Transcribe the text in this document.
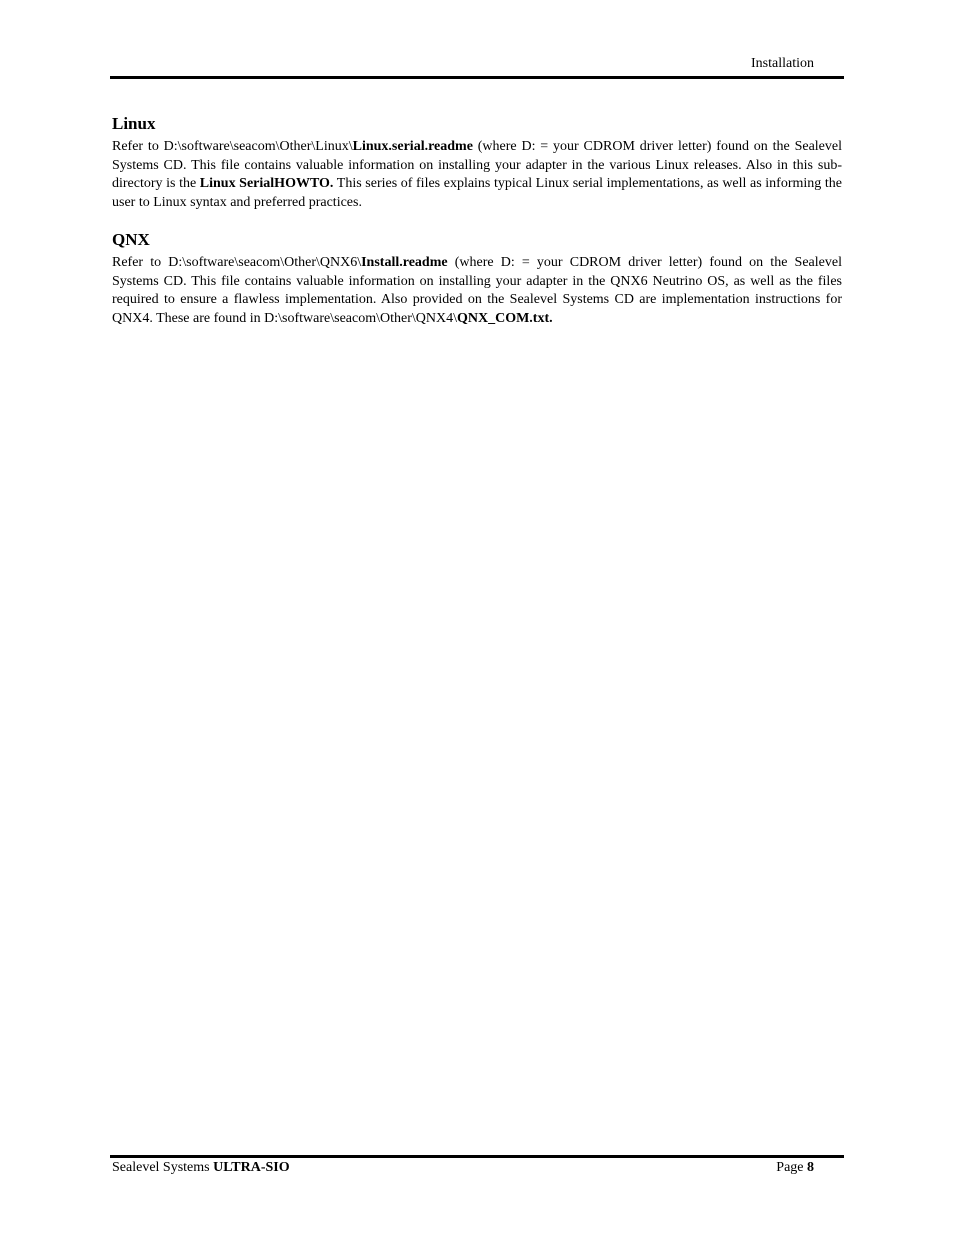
Installation
Linux

Refer to D:\software\seacom\Other\Linux\Linux.serial.readme (where D: = your CDROM driver letter) found on the Sealevel Systems CD. This file contains valuable information on installing your adapter in the various Linux releases. Also in this sub-directory is the Linux SerialHOWTO. This series of files explains typical Linux serial implementations, as well as informing the user to Linux syntax and preferred practices.

QNX

Refer to D:\software\seacom\Other\QNX6\Install.readme (where D: = your CDROM driver letter) found on the Sealevel Systems CD. This file contains valuable information on installing your adapter in the QNX6 Neutrino OS, as well as the files required to ensure a flawless implementation. Also provided on the Sealevel Systems CD are implementation instructions for QNX4. These are found in D:\software\seacom\Other\QNX4\QNX_COM.txt.

Sealevel Systems ULTRA-SIO	Page 8
